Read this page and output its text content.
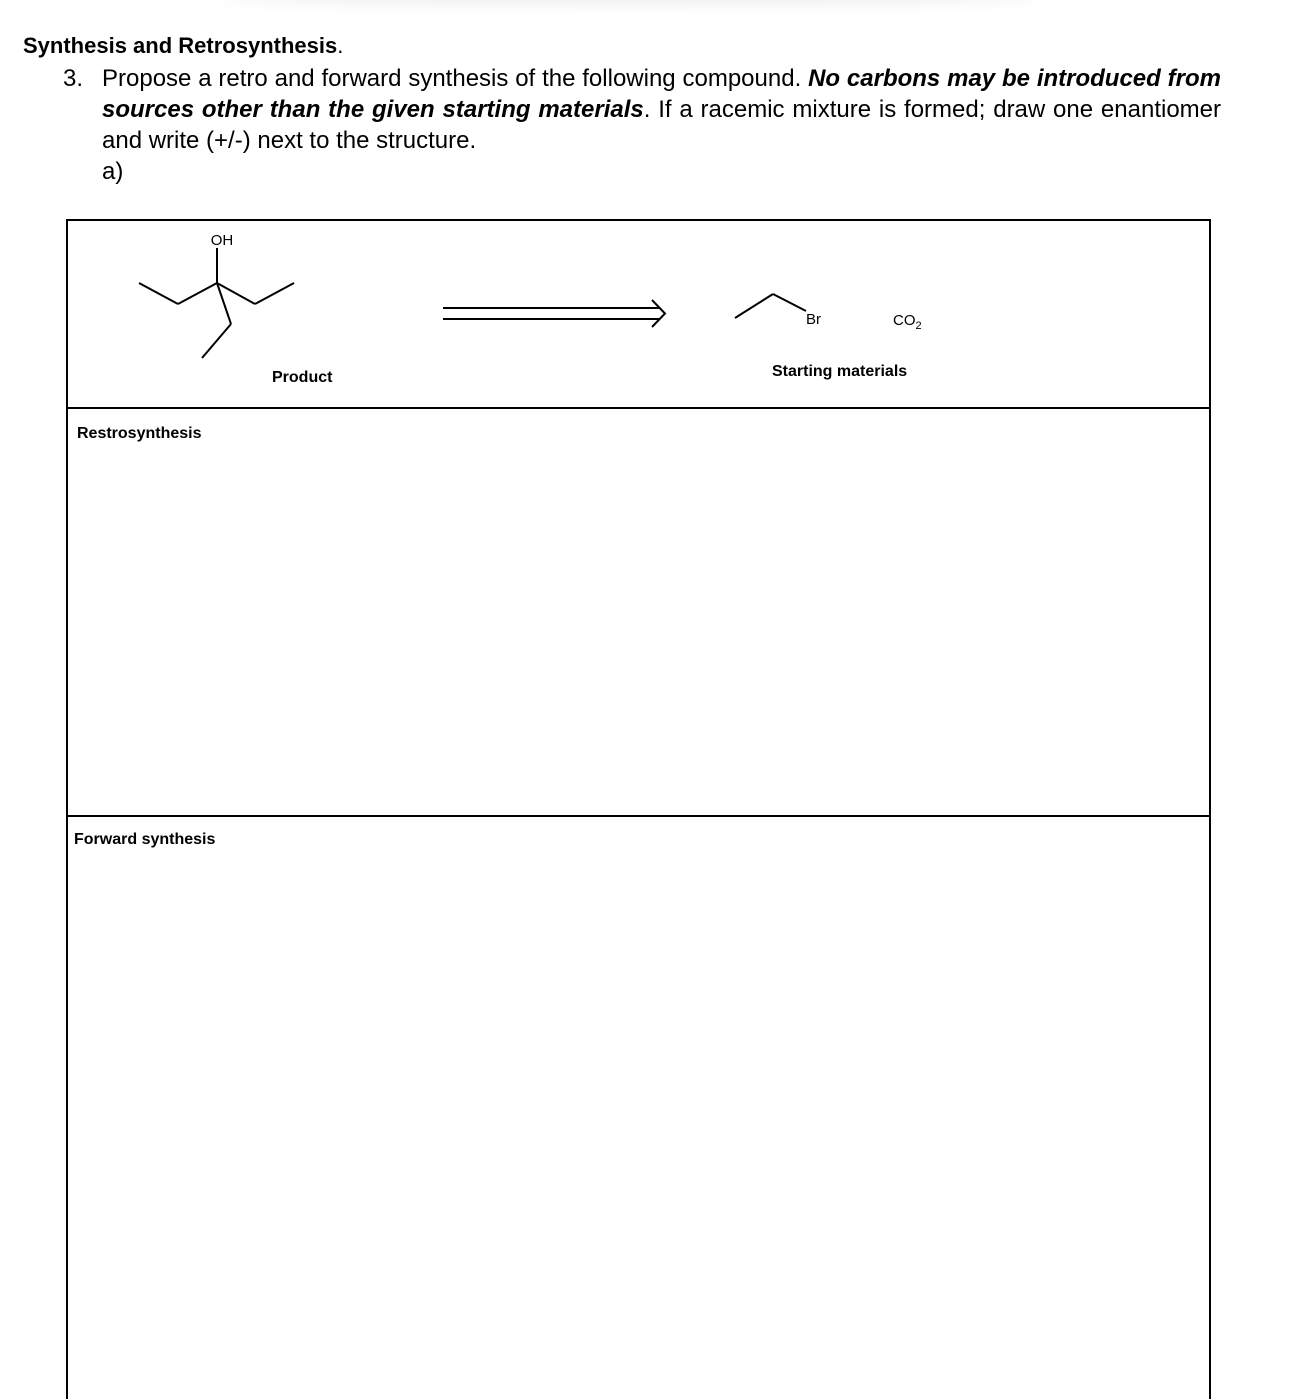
Synthesis and Retrosynthesis.
3. Propose a retro and forward synthesis of the following compound. No carbons may be introduced from sources other than the given starting materials. If a racemic mixture is formed; draw one enantiomer and write (+/-) next to the structure.
a)
OH
Br	$CO_2$
Product	Starting materials
Restrosynthesis
Forward synthesis
